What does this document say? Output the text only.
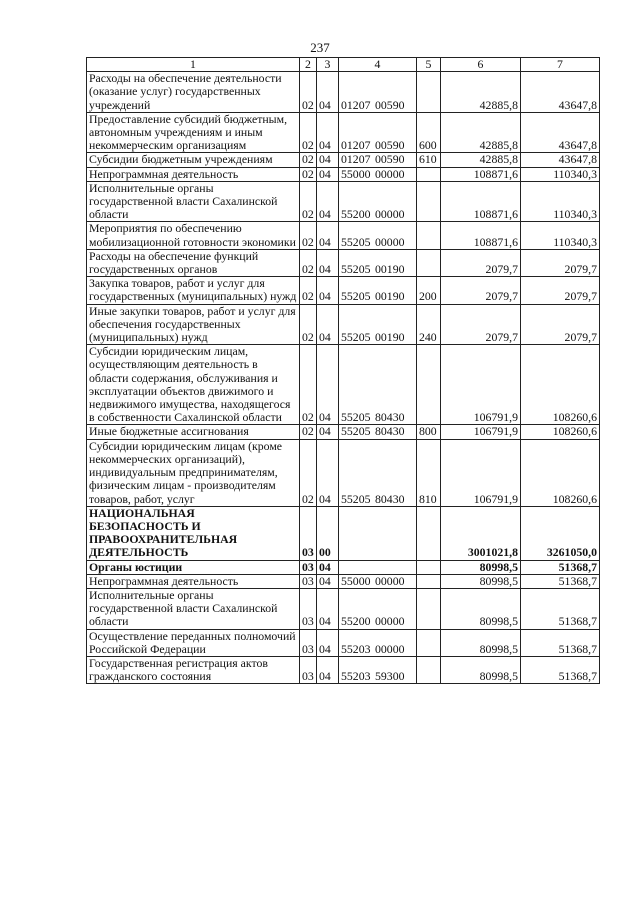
237
1	2	3	4	5	6	7
Расходы на обеспечение деятельности (оказание услуг) государственных учреждений	02	04	01207 00590		42885,8	43647,8
Предоставление субсидий бюджетным, автономным учреждениям и иным некоммерческим организациям	02	04	01207 00590	600	42885,8	43647,8
Субсидии бюджетным учреждениям	02	04	01207 00590	610	42885,8	43647,8
Непрограммная деятельность	02	04	55000 00000		108871,6	110340,3
Исполнительные органы государственной власти Сахалинской области	02	04	55200 00000		108871,6	110340,3
Мероприятия по обеспечению мобилизационной готовности экономики	02	04	55205 00000		108871,6	110340,3
Расходы на обеспечение функций государственных органов	02	04	55205 00190		2079,7	2079,7
Закупка товаров, работ и услуг для государственных (муниципальных) нужд	02	04	55205 00190	200	2079,7	2079,7
Иные закупки товаров, работ и услуг для обеспечения государственных (муниципальных) нужд	02	04	55205 00190	240	2079,7	2079,7
Субсидии юридическим лицам, осуществляющим деятельность в области содержания, обслуживания и эксплуатации объектов движимого и недвижимого имущества, находящегося в собственности Сахалинской области	02	04	55205 80430		106791,9	108260,6
Иные бюджетные ассигнования	02	04	55205 80430	800	106791,9	108260,6
Субсидии юридическим лицам (кроме некоммерческих организаций), индивидуальным предпринимателям, физическим лицам - производителям товаров, работ, услуг	02	04	55205 80430	810	106791,9	108260,6
НАЦИОНАЛЬНАЯ БЕЗОПАСНОСТЬ И ПРАВООХРАНИТЕЛЬНАЯ ДЕЯТЕЛЬНОСТЬ	03	00			3001021,8	3261050,0
Органы юстиции	03	04			80998,5	51368,7
Непрограммная деятельность	03	04	55000 00000		80998,5	51368,7
Исполнительные органы государственной власти Сахалинской области	03	04	55200 00000		80998,5	51368,7
Осуществление переданных полномочий Российской Федерации	03	04	55203 00000		80998,5	51368,7
Государственная регистрация актов гражданского состояния	03	04	55203 59300		80998,5	51368,7
